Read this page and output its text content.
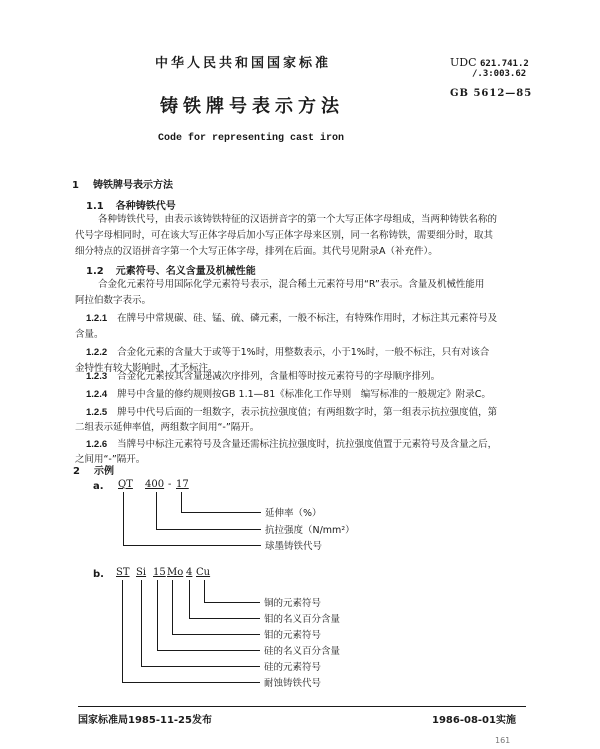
中华人民共和国国家标准	UDC 621.741.2
/.3:003.62
GB 5612—85
铸铁牌号表示方法
Code for representing cast iron
1 铸铁牌号表示方法
1.1 各种铸铁代号
各种铸铁代号，由表示该铸铁特征的汉语拼音字的第一个大写正体字母组成，当两种铸铁名称的
代号字母相同时，可在该大写正体字母后加小写正体字母来区别，同一名称铸铁，需要细分时，取其
细分特点的汉语拼音字第一个大写正体字母，排列在后面。其代号见附录A（补充件）。
1.2 元素符号、名义含量及机械性能
合金化元素符号用国际化学元素符号表示，混合稀土元素符号用“R”表示。含量及机械性能用
阿拉伯数字表示。
1.2.1 在牌号中常规碳、硅、锰、硫、磷元素，一般不标注，有特殊作用时，才标注其元素符号及
含量。
1.2.2 合金化元素的含量大于或等于1%时，用整数表示，小于1%时，一般不标注，只有对该合
金特性有较大影响时，才予标注。
1.2.3 合金化元素按其含量递减次序排列，含量相等时按元素符号的字母顺序排列。
1.2.4 牌号中含量的修约规则按GB 1.1—81《标准化工作导则　编写标准的一般规定》附录C。
1.2.5 牌号中代号后面的一组数字，表示抗拉强度值；有两组数字时，第一组表示抗拉强度值，第
二组表示延伸率值，两组数字间用“-”隔开。
1.2.6 当牌号中标注元素符号及含量还需标注抗拉强度时，抗拉强度值置于元素符号及含量之后，
之间用“-”隔开。
2 示例
a. QT 400 - 17
延伸率（%）
抗拉强度（N/mm²）
球墨铸铁代号
b. ST Si 15 Mo 4 Cu
铜的元素符号
钼的名义百分含量
钼的元素符号
硅的名义百分含量
硅的元素符号
耐蚀铸铁代号
国家标准局1985-11-25发布	1986-08-01实施
161
